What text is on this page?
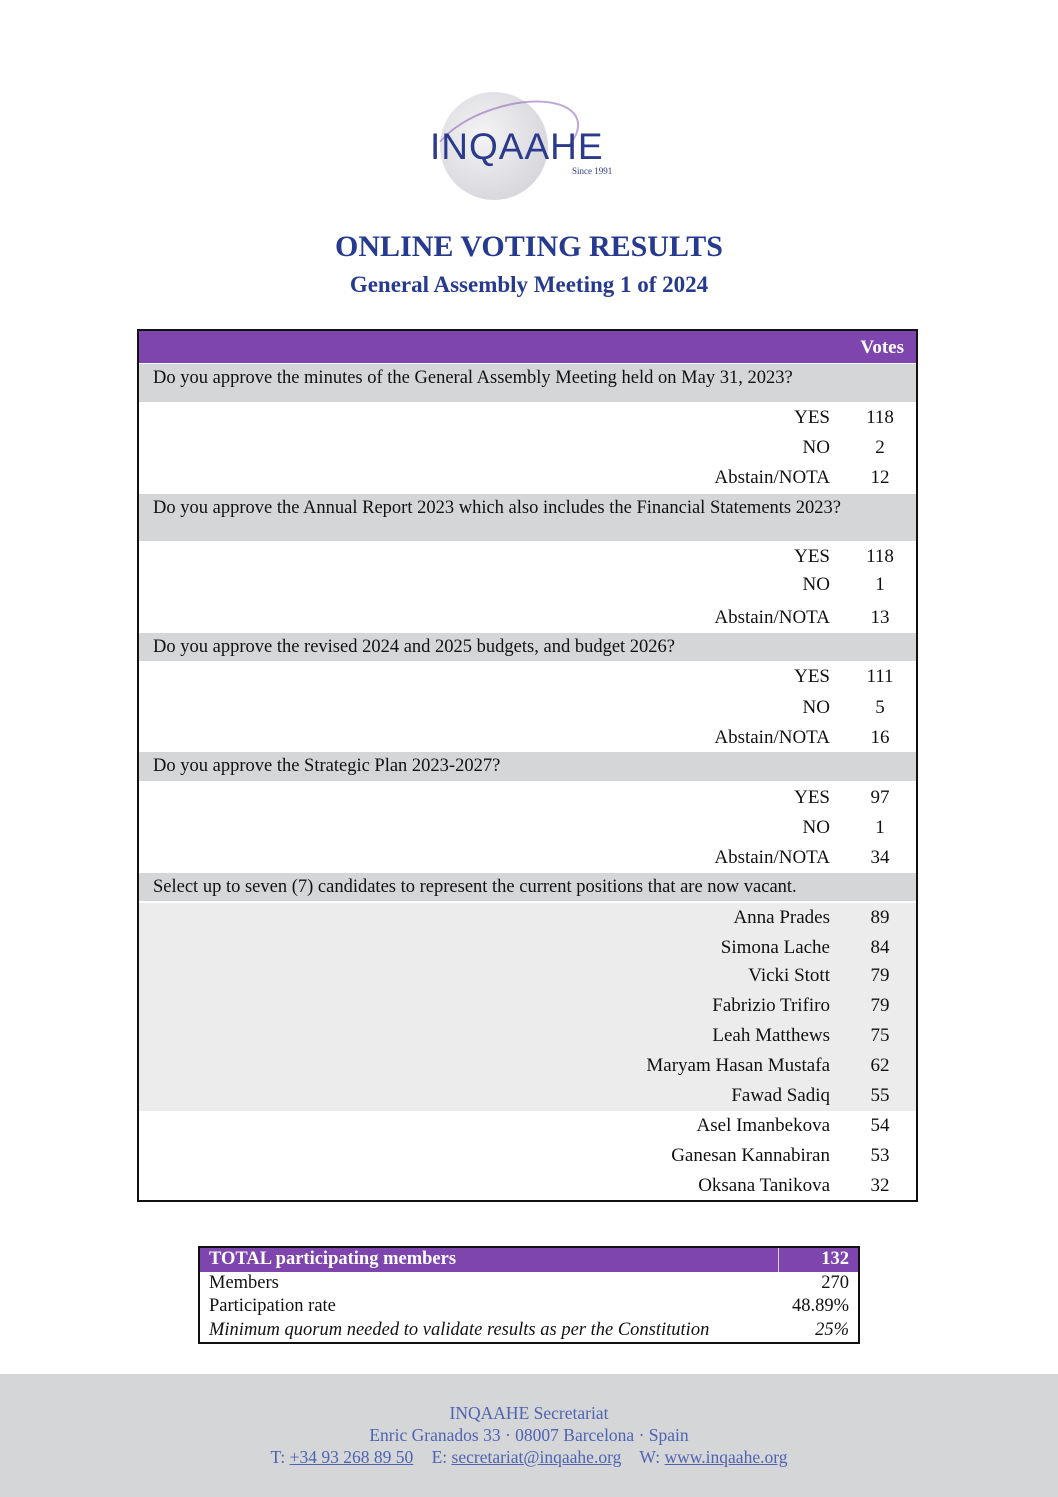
INQAAHE
Since 1991
ONLINE VOTING RESULTS
General Assembly Meeting 1 of 2024
Votes
Do you approve the minutes of the General Assembly Meeting held on May 31, 2023?
YES	118
NO	2
Abstain/NOTA	12
Do you approve the Annual Report 2023 which also includes the Financial Statements 2023?
YES	118
NO	1
Abstain/NOTA	13
Do you approve the revised 2024 and 2025 budgets, and budget 2026?
YES	111
NO	5
Abstain/NOTA	16
Do you approve the Strategic Plan 2023-2027?
YES	97
NO	1
Abstain/NOTA	34
Select up to seven (7) candidates to represent the current positions that are now vacant.
Anna Prades	89
Simona Lache	84
Vicki Stott	79
Fabrizio Trifiro	79
Leah Matthews	75
Maryam Hasan Mustafa	62
Fawad Sadiq	55
Asel Imanbekova	54
Ganesan Kannabiran	53
Oksana Tanikova	32
TOTAL participating members	132
Members	270
Participation rate	48.89%
Minimum quorum needed to validate results as per the Constitution	25%
INQAAHE Secretariat
Enric Granados 33 · 08007 Barcelona · Spain
T: +34 93 268 89 50 E: secretariat@inqaahe.org W: www.inqaahe.org
